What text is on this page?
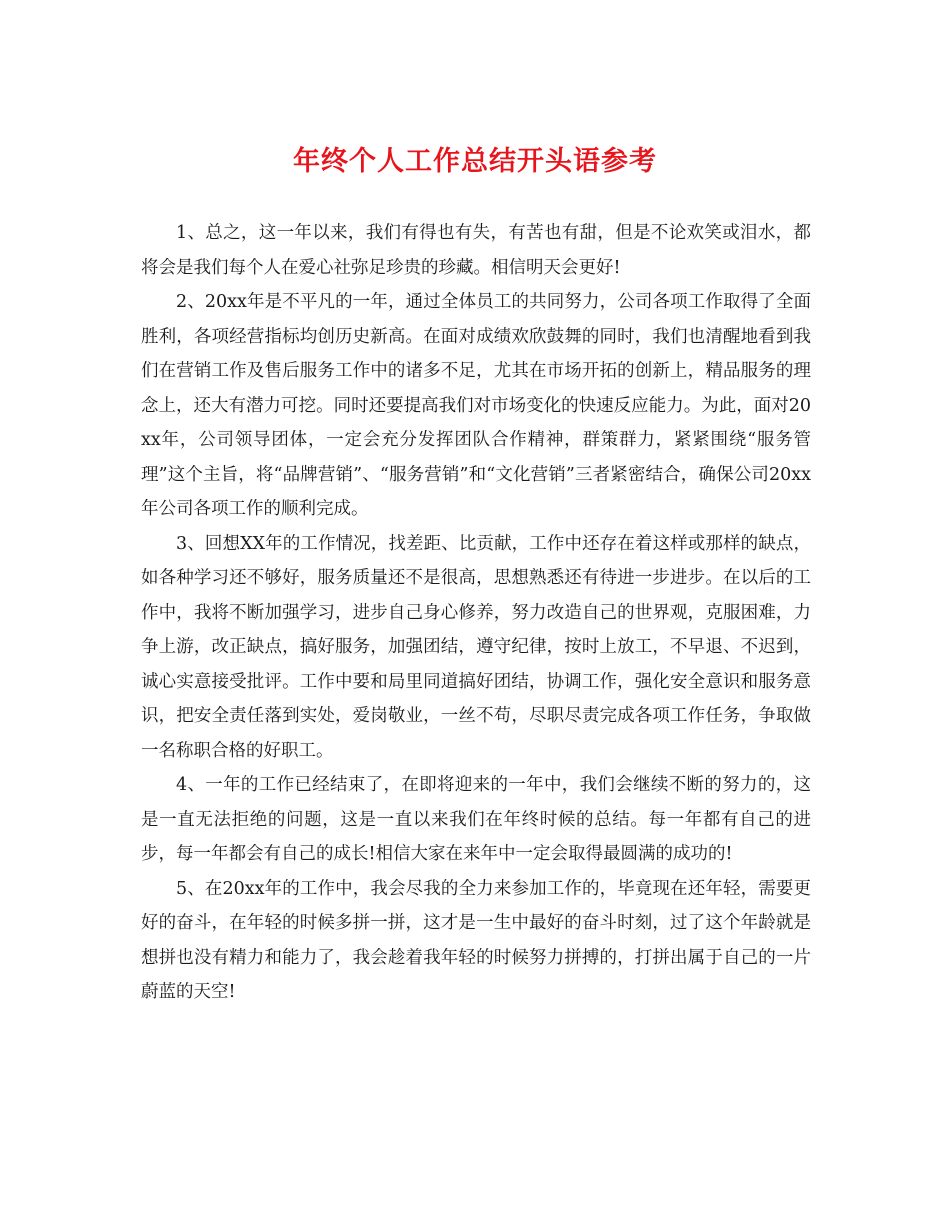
年终个人工作总结开头语参考

1、总之，这一年以来，我们有得也有失，有苦也有甜，但是不论欢笑或泪水，都将会是我们每个人在爱心社弥足珍贵的珍藏。相信明天会更好!

2、20xx年是不平凡的一年，通过全体员工的共同努力，公司各项工作取得了全面胜利，各项经营指标均创历史新高。在面对成绩欢欣鼓舞的同时，我们也清醒地看到我们在营销工作及售后服务工作中的诸多不足，尤其在市场开拓的创新上，精品服务的理念上，还大有潜力可挖。同时还要提高我们对市场变化的快速反应能力。为此，面对20xx年，公司领导团体，一定会充分发挥团队合作精神，群策群力，紧紧围绕“服务管理”这个主旨，将“品牌营销”、“服务营销”和“文化营销”三者紧密结合，确保公司20xx年公司各项工作的顺利完成。

3、回想XX年的工作情况，找差距、比贡献，工作中还存在着这样或那样的缺点，如各种学习还不够好，服务质量还不是很高，思想熟悉还有待进一步进步。在以后的工作中，我将不断加强学习，进步自己身心修养，努力改造自己的世界观，克服困难，力争上游，改正缺点，搞好服务，加强团结，遵守纪律，按时上放工，不早退、不迟到，诚心实意接受批评。工作中要和局里同道搞好团结，协调工作，强化安全意识和服务意识，把安全责任落到实处，爱岗敬业，一丝不苟，尽职尽责完成各项工作任务，争取做一名称职合格的好职工。

4、一年的工作已经结束了，在即将迎来的一年中，我们会继续不断的努力的，这是一直无法拒绝的问题，这是一直以来我们在年终时候的总结。每一年都有自己的进步，每一年都会有自己的成长!相信大家在来年中一定会取得最圆满的成功的!

5、在20xx年的工作中，我会尽我的全力来参加工作的，毕竟现在还年轻，需要更好的奋斗，在年轻的时候多拼一拼，这才是一生中最好的奋斗时刻，过了这个年龄就是想拼也没有精力和能力了，我会趁着我年轻的时候努力拼搏的，打拼出属于自己的一片蔚蓝的天空!
